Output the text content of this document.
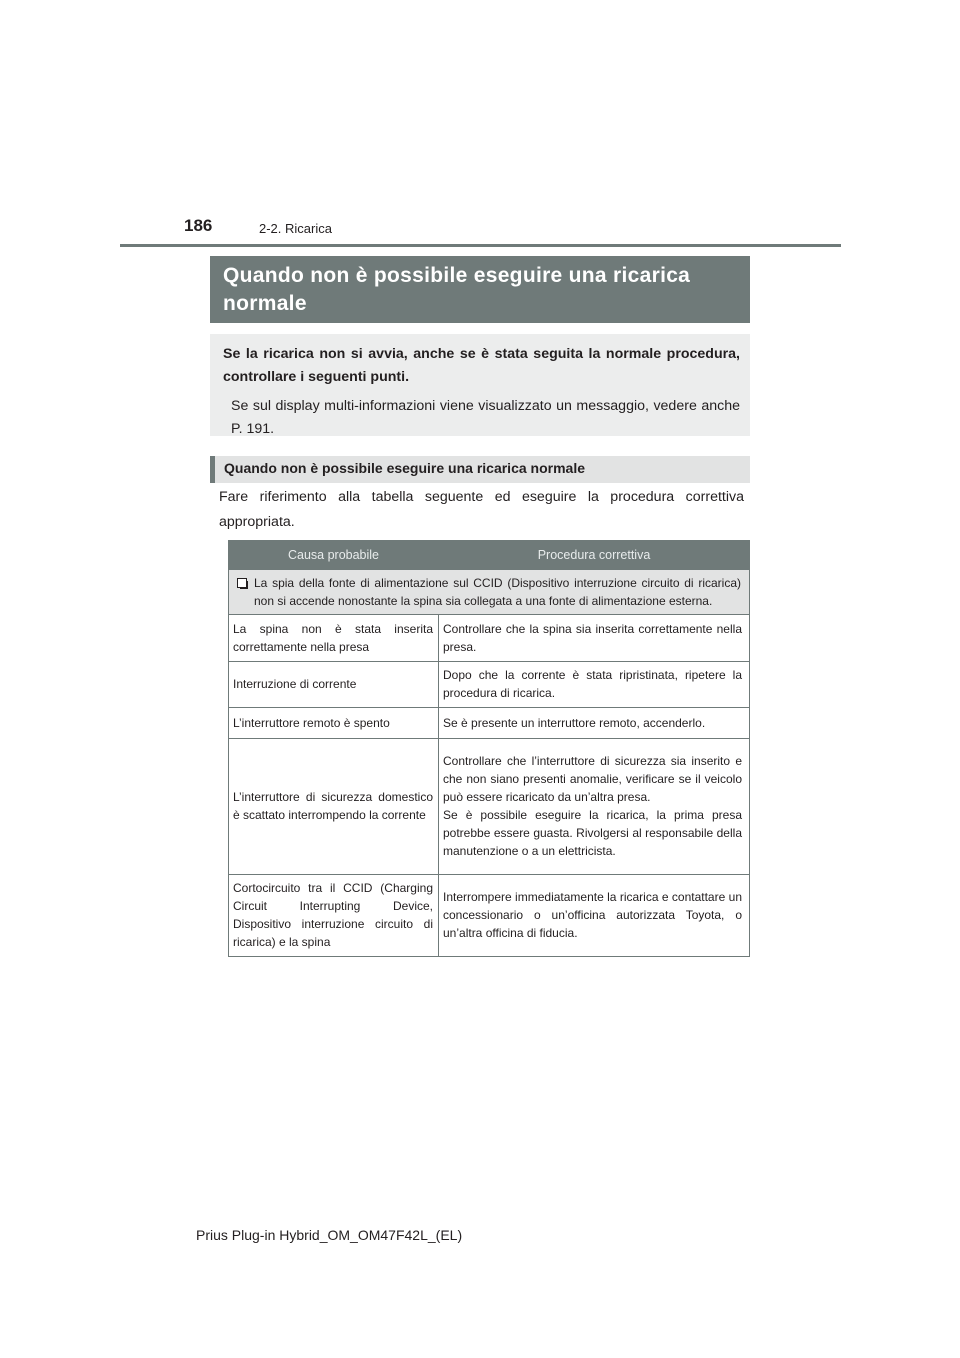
186	2-2. Ricarica
Quando non è possibile eseguire una ricarica normale
Se la ricarica non si avvia, anche se è stata seguita la normale procedura, controllare i seguenti punti.
Se sul display multi-informazioni viene visualizzato un messaggio, vedere anche P. 191.
Quando non è possibile eseguire una ricarica normale
Fare riferimento alla tabella seguente ed eseguire la procedura correttiva appropriata.
Causa probabile	Procedura correttiva

La spia della fonte di alimentazione sul CCID (Dispositivo interruzione circuito di ricarica) non si accende nonostante la spina sia collegata a una fonte di alimentazione esterna.	

La spina non è stata inserita correttamente nella presa	Controllare che la spina sia inserita correttamente nella presa.
Interruzione di corrente	Dopo che la corrente è stata ripristinata, ripetere la procedura di ricarica.
L’interruttore remoto è spento	Se è presente un interruttore remoto, accenderlo.
L’interruttore di sicurezza domestico è scattato interrompendo la corrente	Controllare che l’interruttore di sicurezza sia inserito e che non siano presenti anomalie, verificare se il veicolo può essere ricaricato da un’altra presa.
Se è possibile eseguire la ricarica, la prima presa potrebbe essere guasta. Rivolgersi al responsabile della manutenzione o a un elettricista.

Cortocircuito tra il CCID (Charging Circuit Interrupting Device, Dispositivo interruzione circuito di ricarica) e la spina	Interrompere immediatamente la ricarica e contattare un concessionario o un’officina autorizzata Toyota, o un’altra officina di fiducia.
Prius Plug-in Hybrid_OM_OM47F42L_(EL)
